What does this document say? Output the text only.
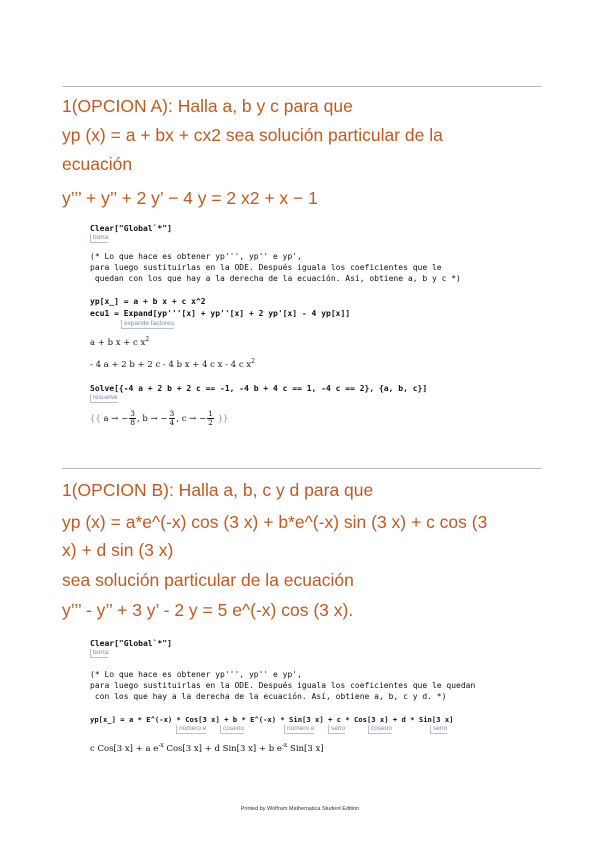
1(OPCION A): Halla a, b y c para que
yp (x) = a + bx + cx2 sea solución particular de la
ecuación
y’’’ + y’’ + 2 y’ − 4 y = 2 x2 + x − 1
Clear["Global`*"]
borra
(* Lo que hace es obtener yp''', yp'' e yp',
para luego sustituirlas en la ODE. Después iguala los coeficientes que le
quedan con los que hay a la derecha de la ecuación. Así, obtiene a, b y c *)
yp[x_] = a + b x + c x^2
ecu1 = Expand[yp'''[x] + yp''[x] + 2 yp'[x] - 4 yp[x]]
expande factores
a + b x + c $x^2$
- 4 a + 2 b + 2 c - 4 b x + 4 c x - 4 c $x^2$
Solve[{-4 a + 2 b + 2 c == -1, -4 b + 4 c == 1, -4 c == 2}, {a, b, c}]
resuelve
{{ a → − $\frac{3}{8}$ , b → − $\frac{3}{4}$ , c → − $\frac{1}{2}$ }}
1(OPCION B): Halla a, b, c y d para que
yp (x) = a*e^(-x) cos (3 x) + b*e^(-x) sin (3 x) + c cos (3
x) + d sin (3 x)
sea solución particular de la ecuación
y’’’ - y’’ + 3 y’ - 2 y = 5 e^(-x) cos (3 x).
Clear["Global`*"]
borra
(* Lo que hace es obtener yp''', yp'' e yp',
para luego sustituirlas en la ODE. Después iguala los coeficientes que le quedan
con los que hay a la derecha de la ecuación. Así, obtiene a, b, c y d. *)
yp[x_] = a * E^(-x) * Cos[3 x] + b * E^(-x) * Sin[3 x] + c * Cos[3 x] + d * Sin[3 x]
número e	coseno	número e	seno	coseno	seno
c Cos[3 x] + a $e^{-x}$ Cos[3 x] + d Sin[3 x] + b $e^{-x}$ Sin[3 x]
Printed by Wolfram Mathematica Student Edition
